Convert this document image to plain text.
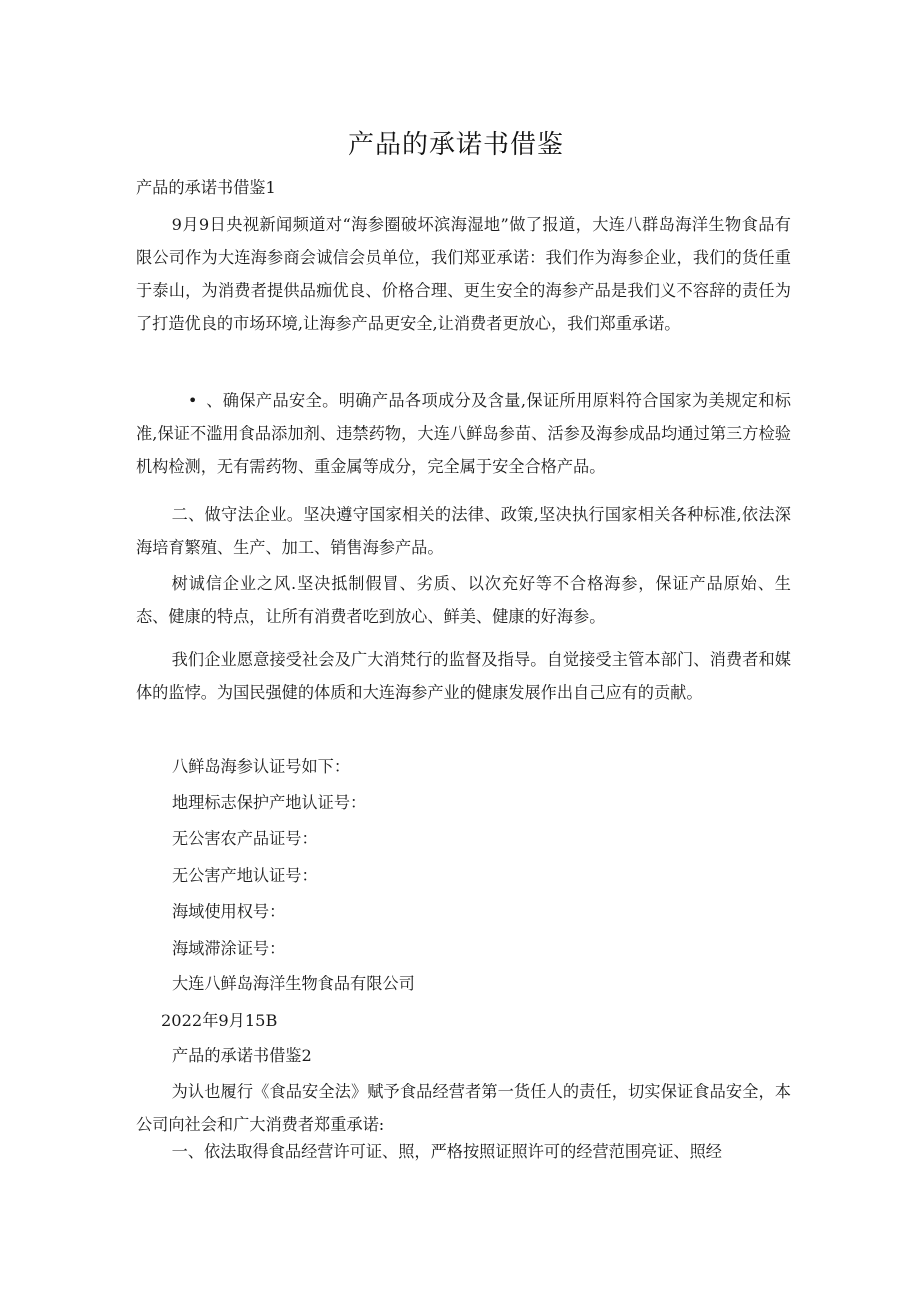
产品的承诺书借鉴
产品的承诺书借鉴1
9月9日央视新闻频道对“海参圈破坏滨海湿地”做了报道，大连八群岛海洋生物食品有限公司作为大连海参商会诚信会员单位，我们郑亚承诺：我们作为海参企业，我们的货任重于泰山，为消费者提供品痂优良、价格合理、更生安全的海参产品是我们义不容辞的责任为了打造优良的市场环境,让海参产品更安全,让消费者更放心，我们郑重承诺。
• 、确保产品安全。明确产品各项成分及含量,保证所用原料符合国家为美规定和标准,保证不滥用食品添加剂、违禁药物，大连八鲜岛参苗、活参及海参成品均通过第三方检验机构检测，无有需药物、重金属等成分，完全属于安全合格产品。
二、做守法企业。坚决遵守国家相关的法律、政策,坚决执行国家相关各种标准,依法深海培育繁殖、生产、加工、销售海参产品。
树诚信企业之风.坚决抵制假冒、劣质、以次充好等不合格海参，保证产品原始、生态、健康的特点，让所有消费者吃到放心、鲜美、健康的好海参。
我们企业愿意接受社会及广大消梵行的监督及指导。自觉接受主管本部门、消费者和媒体的监悖。为国民强健的体质和大连海参产业的健康发展作出自己应有的贡献。
八鲜岛海参认证号如下：
地理标志保护产地认证号：
无公害农产品证号：
无公害产地认证号：
海域使用权号：
海域滞涂证号：
大连八鲜岛海洋生物食品有限公司
2022年9月15B
产品的承诺书借鉴2
为认也履行《食品安全法》赋予食品经营者第一货任人的责任，切实保证食品安全，本公司向社会和广大消费者郑重承诺:
一、依法取得食品经营许可证、照，严格按照证照许可的经营范围亮证、照经
